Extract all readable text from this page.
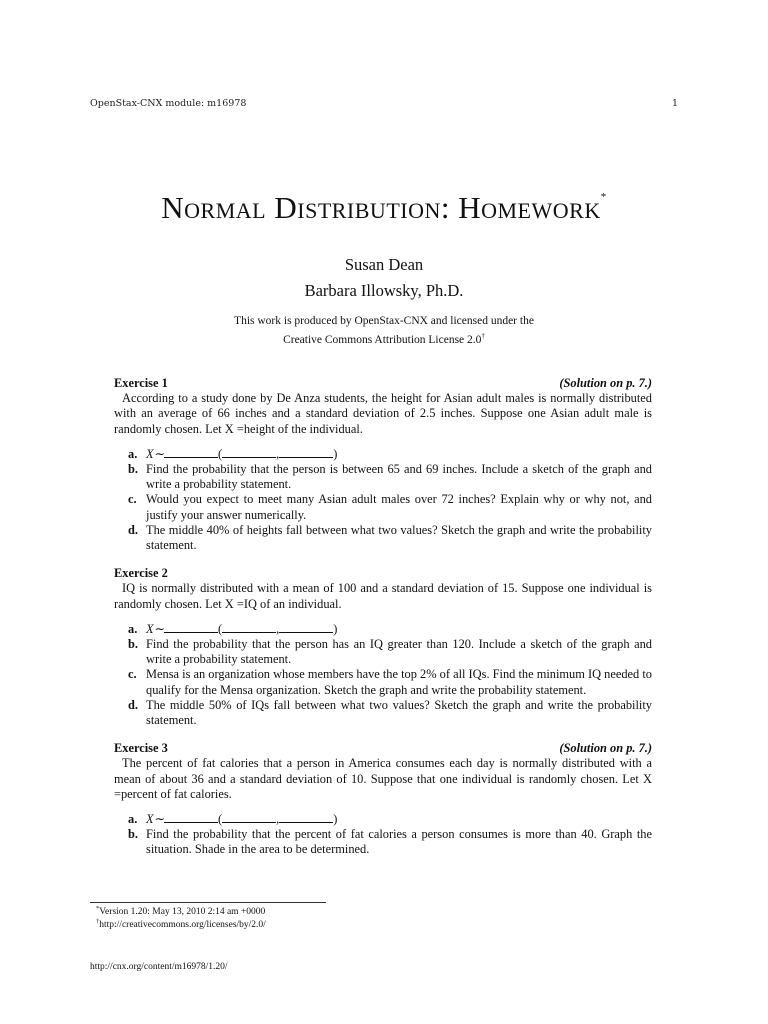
OpenStax-CNX module: m16978	1
Normal Distribution: Homework*
Susan Dean
Barbara Illowsky, Ph.D.
This work is produced by OpenStax-CNX and licensed under the
Creative Commons Attribution License 2.0†
Exercise 1	(Solution on p. 7.)

According to a study done by De Anza students, the height for Asian adult males is normally distributed with an average of 66 inches and a standard deviation of 2.5 inches. Suppose one Asian adult male is randomly chosen. Let X =height of the individual.

a. X∼	(	,	)

b. Find the probability that the person is between 65 and 69 inches. Include a sketch of the graph and write a probability statement.

c. Would you expect to meet many Asian adult males over 72 inches? Explain why or why not, and justify your answer numerically.

d. The middle 40% of heights fall between what two values? Sketch the graph and write the probability statement.

Exercise 2

IQ is normally distributed with a mean of 100 and a standard deviation of 15. Suppose one individual is randomly chosen. Let X =IQ of an individual.

a. X∼	(	,	)

b. Find the probability that the person has an IQ greater than 120. Include a sketch of the graph and write a probability statement.

c. Mensa is an organization whose members have the top 2% of all IQs. Find the minimum IQ needed to qualify for the Mensa organization. Sketch the graph and write the probability statement.

d. The middle 50% of IQs fall between what two values? Sketch the graph and write the probability statement.

Exercise 3	(Solution on p. 7.)

The percent of fat calories that a person in America consumes each day is normally distributed with a mean of about 36 and a standard deviation of 10. Suppose that one individual is randomly chosen. Let X =percent of fat calories.

a. X∼	(	,	)

b. Find the probability that the percent of fat calories a person consumes is more than 40. Graph the situation. Shade in the area to be determined.

*Version 1.20: May 13, 2010 2:14 am +0000
†http://creativecommons.org/licenses/by/2.0/
http://cnx.org/content/m16978/1.20/
